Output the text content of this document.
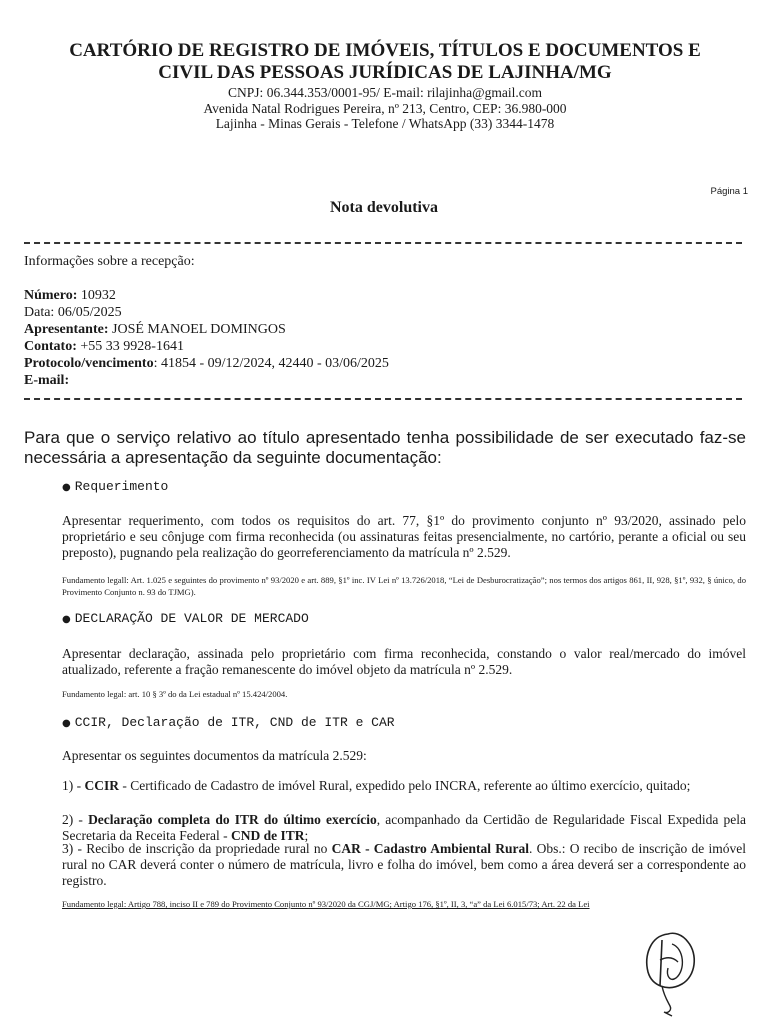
CARTÓRIO DE REGISTRO DE IMÓVEIS, TÍTULOS E DOCUMENTOS E
CIVIL DAS PESSOAS JURÍDICAS DE LAJINHA/MG
CNPJ: 06.344.353/0001-95/ E-mail: rilajinha@gmail.com
Avenida Natal Rodrigues Pereira, nº 213, Centro, CEP: 36.980-000
Lajinha - Minas Gerais - Telefone / WhatsApp (33) 3344-1478
Página 1
Nota devolutiva
Informações sobre a recepção:
Número: 10932
Data: 06/05/2025
Apresentante: JOSÉ MANOEL DOMINGOS
Contato: +55 33 9928-1641
Protocolo/vencimento: 41854 - 09/12/2024, 42440 - 03/06/2025
E-mail:
Para que o serviço relativo ao título apresentado tenha possibilidade de ser executado faz-se necessária a apresentação da seguinte documentação:
● Requerimento
Apresentar requerimento, com todos os requisitos do art. 77, §1º do provimento conjunto nº 93/2020, assinado pelo proprietário e seu cônjuge com firma reconhecida (ou assinaturas feitas presencialmente, no cartório, perante a oficial ou seu preposto), pugnando pela realização do georreferenciamento da matrícula nº 2.529.
Fundamento legall: Art. 1.025 e seguintes do provimento nº 93/2020 e art. 889, §1º inc. IV Lei nº 13.726/2018, “Lei de Desburocratização”; nos termos dos artigos 861, II, 928, §1º, 932, § único, do Provimento Conjunto n. 93 do TJMG).
● DECLARAÇÃO DE VALOR DE MERCADO
Apresentar declaração, assinada pelo proprietário com firma reconhecida, constando o valor real/mercado do imóvel atualizado, referente a fração remanescente do imóvel objeto da matrícula nº 2.529.
Fundamento legal: art. 10 § 3º do da Lei estadual nº 15.424/2004.
● CCIR, Declaração de ITR, CND de ITR e CAR
Apresentar os seguintes documentos da matrícula 2.529:
1) - CCIR - Certificado de Cadastro de imóvel Rural, expedido pelo INCRA, referente ao último exercício, quitado;
2) - Declaração completa do ITR do último exercício, acompanhado da Certidão de Regularidade Fiscal Expedida pela Secretaria da Receita Federal - CND de ITR;
3) - Recibo de inscrição da propriedade rural no CAR - Cadastro Ambiental Rural. Obs.: O recibo de inscrição de imóvel rural no CAR deverá conter o número de matrícula, livro e folha do imóvel, bem como a área deverá ser a correspondente ao registro.
Fundamento legal: Artigo 788, inciso II e 789 do Provimento Conjunto nº 93/2020 da CGJ/MG; Artigo 176, §1º, II, 3, “a” da Lei 6.015/73; Art. 22 da Lei
